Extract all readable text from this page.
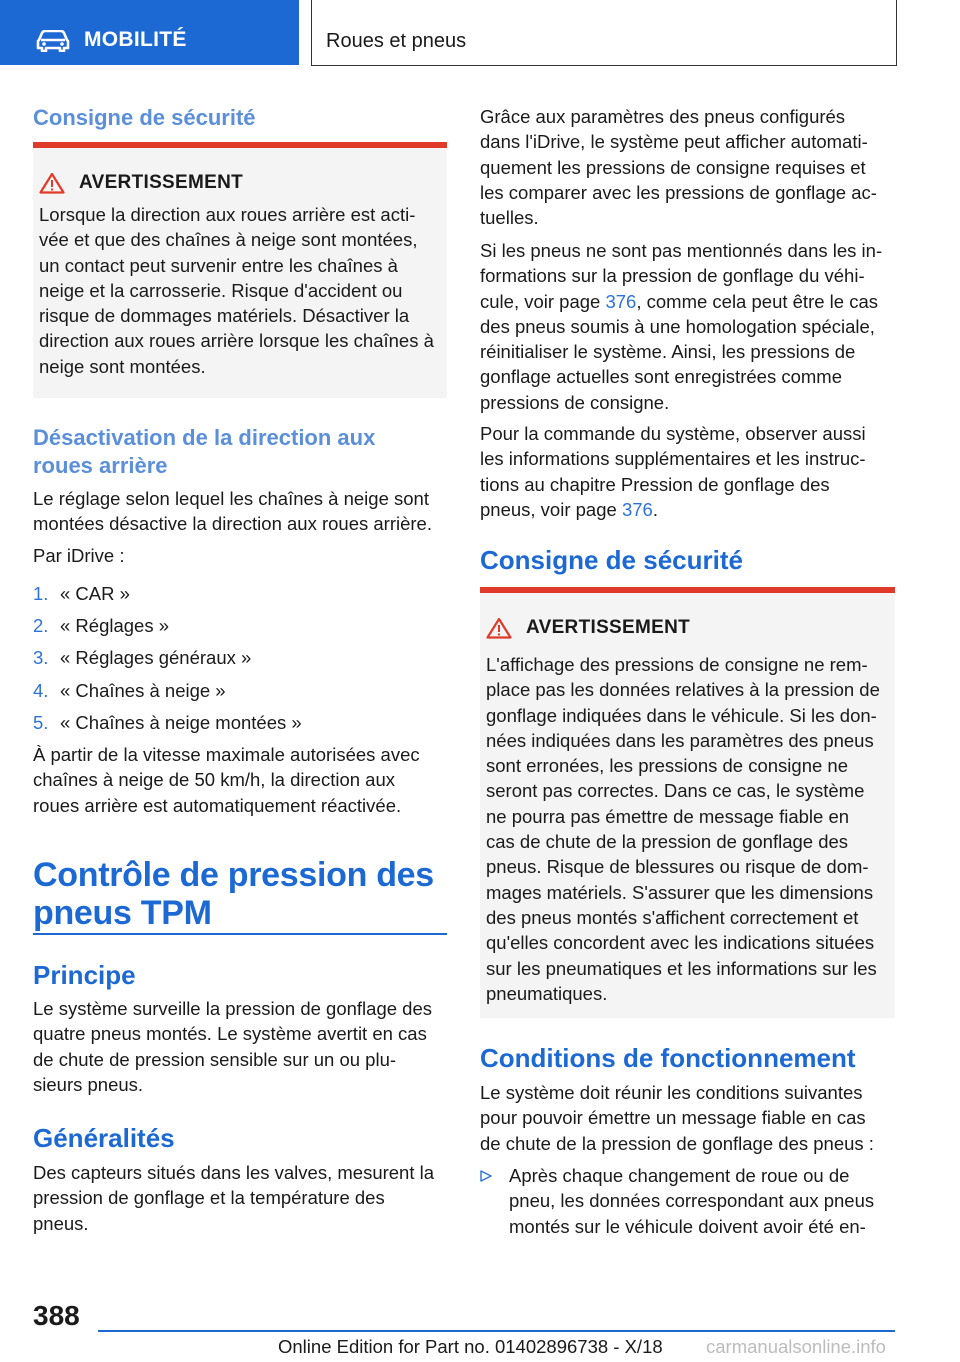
MOBILITÉ	Roues et pneus
Consigne de sécurité
AVERTISSEMENT
Lorsque la direction aux roues arrière est acti-
vée et que des chaînes à neige sont montées,
un contact peut survenir entre les chaînes à
neige et la carrosserie. Risque d'accident ou
risque de dommages matériels. Désactiver la
direction aux roues arrière lorsque les chaînes à
neige sont montées.
Désactivation de la direction aux
roues arrière
Le réglage selon lequel les chaînes à neige sont
montées désactive la direction aux roues arrière.
Par iDrive :
1. « CAR »
2. « Réglages »
3. « Réglages généraux »
4. « Chaînes à neige »
5. « Chaînes à neige montées »
À partir de la vitesse maximale autorisées avec
chaînes à neige de 50 km/h, la direction aux
roues arrière est automatiquement réactivée.
Contrôle de pression des
pneus TPM
Principe
Le système surveille la pression de gonflage des
quatre pneus montés. Le système avertit en cas
de chute de pression sensible sur un ou plu-
sieurs pneus.
Généralités
Des capteurs situés dans les valves, mesurent la
pression de gonflage et la température des
pneus.
Grâce aux paramètres des pneus configurés
dans l'iDrive, le système peut afficher automati-
quement les pressions de consigne requises et
les comparer avec les pressions de gonflage ac-
tuelles.
Si les pneus ne sont pas mentionnés dans les in-
formations sur la pression de gonflage du véhi-
cule, voir page 376, comme cela peut être le cas
des pneus soumis à une homologation spéciale,
réinitialiser le système. Ainsi, les pressions de
gonflage actuelles sont enregistrées comme
pressions de consigne.
Pour la commande du système, observer aussi
les informations supplémentaires et les instruc-
tions au chapitre Pression de gonflage des
pneus, voir page 376.
Consigne de sécurité
AVERTISSEMENT
L'affichage des pressions de consigne ne rem-
place pas les données relatives à la pression de
gonflage indiquées dans le véhicule. Si les don-
nées indiquées dans les paramètres des pneus
sont erronées, les pressions de consigne ne
seront pas correctes. Dans ce cas, le système
ne pourra pas émettre de message fiable en
cas de chute de la pression de gonflage des
pneus. Risque de blessures ou risque de dom-
mages matériels. S'assurer que les dimensions
des pneus montés s'affichent correctement et
qu'elles concordent avec les indications situées
sur les pneumatiques et les informations sur les
pneumatiques.
Conditions de fonctionnement
Le système doit réunir les conditions suivantes
pour pouvoir émettre un message fiable en cas
de chute de la pression de gonflage des pneus :
Après chaque changement de roue ou de
pneu, les données correspondant aux pneus
montés sur le véhicule doivent avoir été en-
388
Online Edition for Part no. 01402896738 - X/18 carmanualsonline.info
